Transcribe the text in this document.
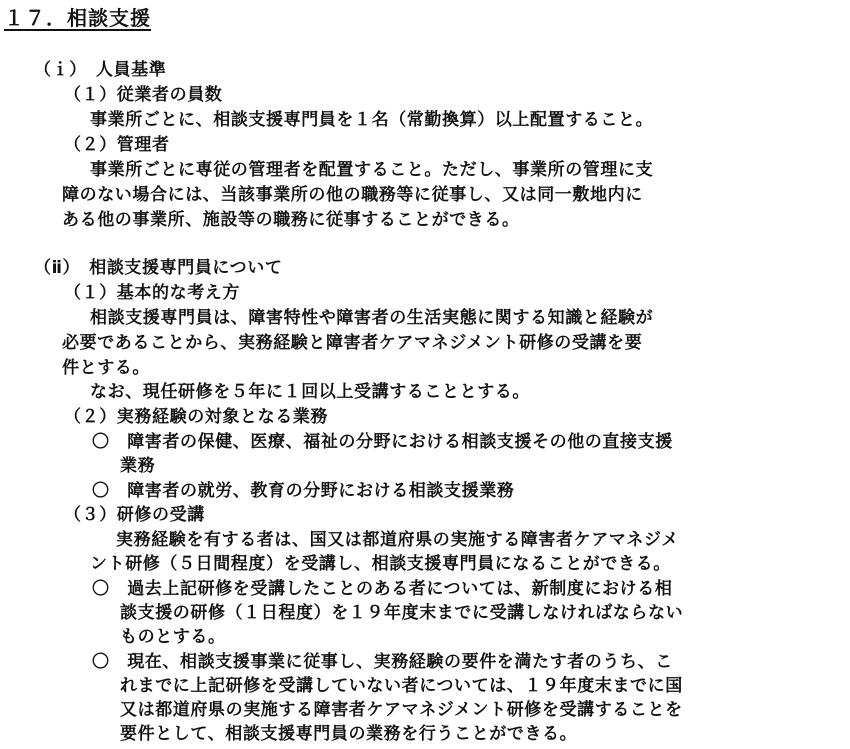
１７．相談支援
（ｉ）　人員基準
（１）従業者の員数
事業所ごとに、相談支援専門員を１名（常勤換算）以上配置すること。
（２）管理者
事業所ごとに専従の管理者を配置すること。ただし、事業所の管理に支
障のない場合には、当該事業所の他の職務等に従事し、又は同一敷地内に
ある他の事業所、施設等の職務に従事することができる。
（ⅱ）　相談支援専門員について
（１）基本的な考え方
相談支援専門員は、障害特性や障害者の生活実態に関する知識と経験が
必要であることから、実務経験と障害者ケアマネジメント研修の受講を要
件とする。
なお、現任研修を５年に１回以上受講することとする。
（２）実務経験の対象となる業務
〇　障害者の保健、医療、福祉の分野における相談支援その他の直接支援
業務
〇　障害者の就労、教育の分野における相談支援業務
（３）研修の受講
実務経験を有する者は、国又は都道府県の実施する障害者ケアマネジメ
ント研修（５日間程度）を受講し、相談支援専門員になることができる。
〇　過去上記研修を受講したことのある者については、新制度における相
談支援の研修（１日程度）を１９年度末までに受講しなければならない
ものとする。
〇　現在、相談支援事業に従事し、実務経験の要件を満たす者のうち、こ
れまでに上記研修を受講していない者については、１９年度末までに国
又は都道府県の実施する障害者ケアマネジメント研修を受講することを
要件として、相談支援専門員の業務を行うことができる。
